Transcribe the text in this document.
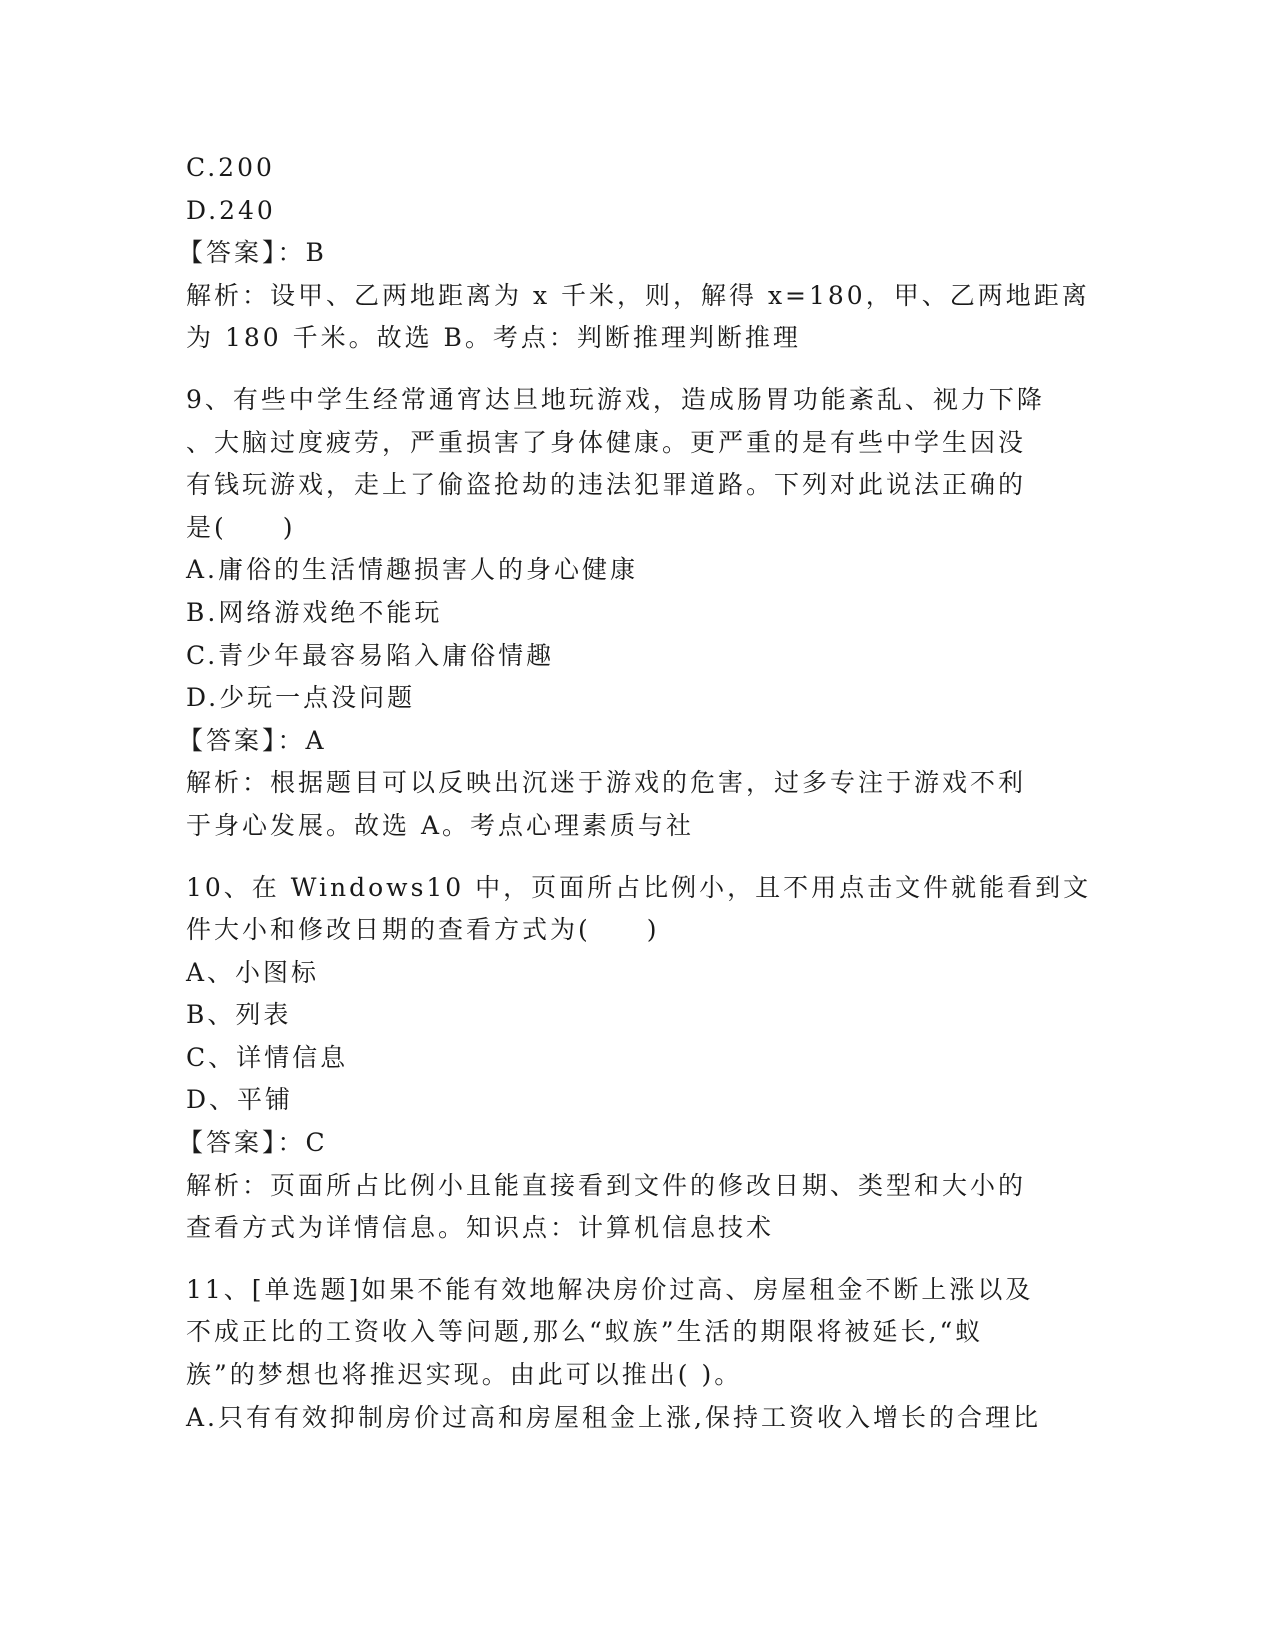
C.200
D.240
【答案】：B
解析：设甲、乙两地距离为 x 千米，则，解得 x=180，甲、乙两地距离
为 180 千米。故选 B。考点：判断推理判断推理
9、有些中学生经常通宵达旦地玩游戏，造成肠胃功能紊乱、视力下降
、大脑过度疲劳，严重损害了身体健康。更严重的是有些中学生因没
有钱玩游戏，走上了偷盗抢劫的违法犯罪道路。下列对此说法正确的
是(　　)
A.庸俗的生活情趣损害人的身心健康
B.网络游戏绝不能玩
C.青少年最容易陷入庸俗情趣
D.少玩一点没问题
【答案】：A
解析：根据题目可以反映出沉迷于游戏的危害，过多专注于游戏不利
于身心发展。故选 A。考点心理素质与社
10、在 Windows10 中，页面所占比例小，且不用点击文件就能看到文
件大小和修改日期的查看方式为(　　)
A、小图标
B、列表
C、详情信息
D、平铺
【答案】：C
解析：页面所占比例小且能直接看到文件的修改日期、类型和大小的
查看方式为详情信息。知识点：计算机信息技术
11、[单选题]如果不能有效地解决房价过高、房屋租金不断上涨以及
不成正比的工资收入等问题,那么“蚁族”生活的期限将被延长,“蚁
族”的梦想也将推迟实现。由此可以推出( )。
A.只有有效抑制房价过高和房屋租金上涨,保持工资收入增长的合理比
